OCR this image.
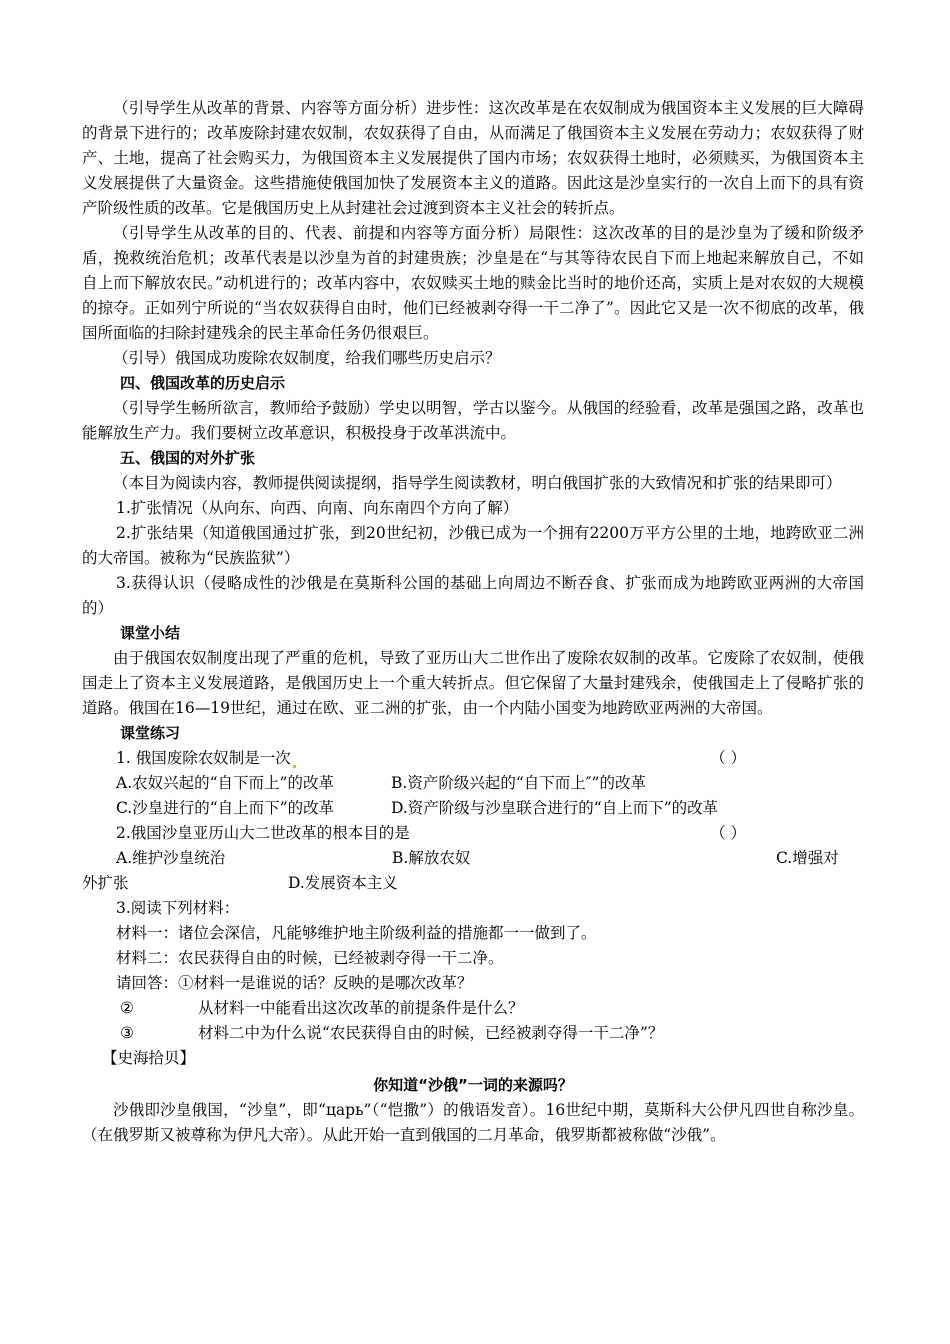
（引导学生从改革的背景、内容等方面分析）进步性：这次改革是在农奴制成为俄国资本主义发展的巨大障碍的背景下进行的；改革废除封建农奴制，农奴获得了自由，从而满足了俄国资本主义发展在劳动力；农奴获得了财产、土地，提高了社会购买力，为俄国资本主义发展提供了国内市场；农奴获得土地时，必须赎买，为俄国资本主义发展提供了大量资金。这些措施使俄国加快了发展资本主义的道路。因此这是沙皇实行的一次自上而下的具有资产阶级性质的改革。它是俄国历史上从封建社会过渡到资本主义社会的转折点。

（引导学生从改革的目的、代表、前提和内容等方面分析）局限性：这次改革的目的是沙皇为了缓和阶级矛盾，挽救统治危机；改革代表是以沙皇为首的封建贵族；沙皇是在“与其等待农民自下而上地起来解放自己，不如自上而下解放农民。”动机进行的；改革内容中，农奴赎买土地的赎金比当时的地价还高，实质上是对农奴的大规模的掠夺。正如列宁所说的“当农奴获得自由时，他们已经被剥夺得一干二净了”。因此它又是一次不彻底的改革，俄国所面临的扫除封建残余的民主革命任务仍很艰巨。

（引导）俄国成功废除农奴制度，给我们哪些历史启示？

四、俄国改革的历史启示

（引导学生畅所欲言，教师给予鼓励）学史以明智，学古以鉴今。从俄国的经验看，改革是强国之路，改革也能解放生产力。我们要树立改革意识，积极投身于改革洪流中。

五、俄国的对外扩张

（本目为阅读内容，教师提供阅读提纲，指导学生阅读教材，明白俄国扩张的大致情况和扩张的结果即可）

1.扩张情况（从向东、向西、向南、向东南四个方向了解）

2.扩张结果（知道俄国通过扩张，到20世纪初，沙俄已成为一个拥有2200万平方公里的土地，地跨欧亚二洲的大帝国。被称为“民族监狱”）

3.获得认识（侵略成性的沙俄是在莫斯科公国的基础上向周边不断吞食、扩张而成为地跨欧亚两洲的大帝国的）

课堂小结

由于俄国农奴制度出现了严重的危机，导致了亚历山大二世作出了废除农奴制的改革。它废除了农奴制，使俄国走上了资本主义发展道路，是俄国历史上一个重大转折点。但它保留了大量封建残余，使俄国走上了侵略扩张的道路。俄国在16—19世纪，通过在欧、亚二洲的扩张，由一个内陆小国变为地跨欧亚两洲的大帝国。

课堂练习

1. 俄国废除农奴制是一次	（ ）
A.农奴兴起的“自下而上”的改革	B.资产阶级兴起的“自下而上″”的改革
C.沙皇进行的“自上而下”的改革	D.资产阶级与沙皇联合进行的“自上而下”的改革
2.俄国沙皇亚历山大二世改革的根本目的是	（ ）
A.维护沙皇统治	B.解放农奴	C.增强对
外扩张	D.发展资本主义

3.阅读下列材料：

材料一：诸位会深信，凡能够维护地主阶级利益的措施都一一做到了。

材料二：农民获得自由的时候，已经被剥夺得一干二净。

请回答：①材料一是谁说的话？反映的是哪次改革？

②	从材料一中能看出这次改革的前提条件是什么？
③	材料二中为什么说“农民获得自由的时候，已经被剥夺得一干二净”？

【史海拾贝】

你知道“沙俄”一词的来源吗？

沙俄即沙皇俄国，“沙皇”，即“царь”（“恺撒”）的俄语发音）。16世纪中期，莫斯科大公伊凡四世自称沙皇。（在俄罗斯又被尊称为伊凡大帝）。从此开始一直到俄国的二月革命，俄罗斯都被称做“沙俄”。
